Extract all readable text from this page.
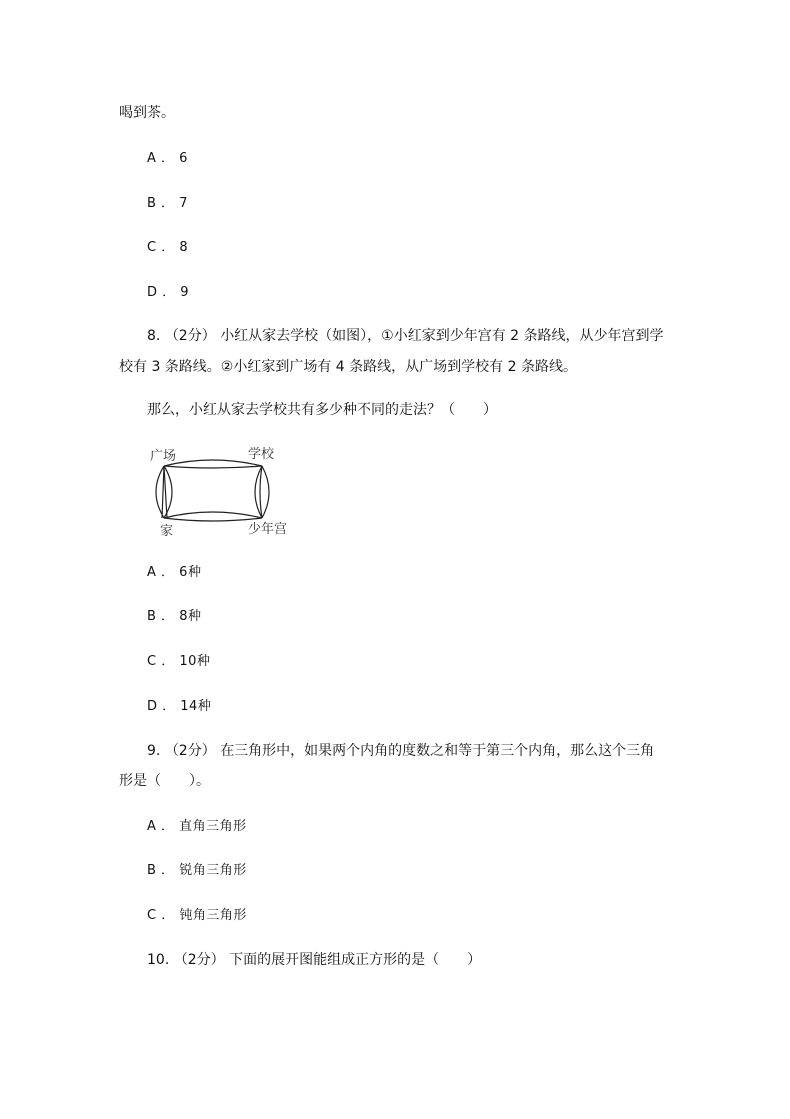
喝到茶。
A ． 6
B ． 7
C ． 8
D ． 9
8. （2分） 小红从家去学校（如图），①小红家到少年宫有 2 条路线，从少年宫到学
校有 3 条路线。②小红家到广场有 4 条路线，从广场到学校有 2 条路线。
那么，小红从家去学校共有多少种不同的走法？（　　）
广场	学校
家	少年宫
A ． 6种
B ． 8种
C ． 10种
D ． 14种
9. （2分） 在三角形中，如果两个内角的度数之和等于第三个内角，那么这个三角
形是（　　）。
A ． 直角三角形
B ． 锐角三角形
C ． 钝角三角形
10. （2分） 下面的展开图能组成正方形的是（　　）
